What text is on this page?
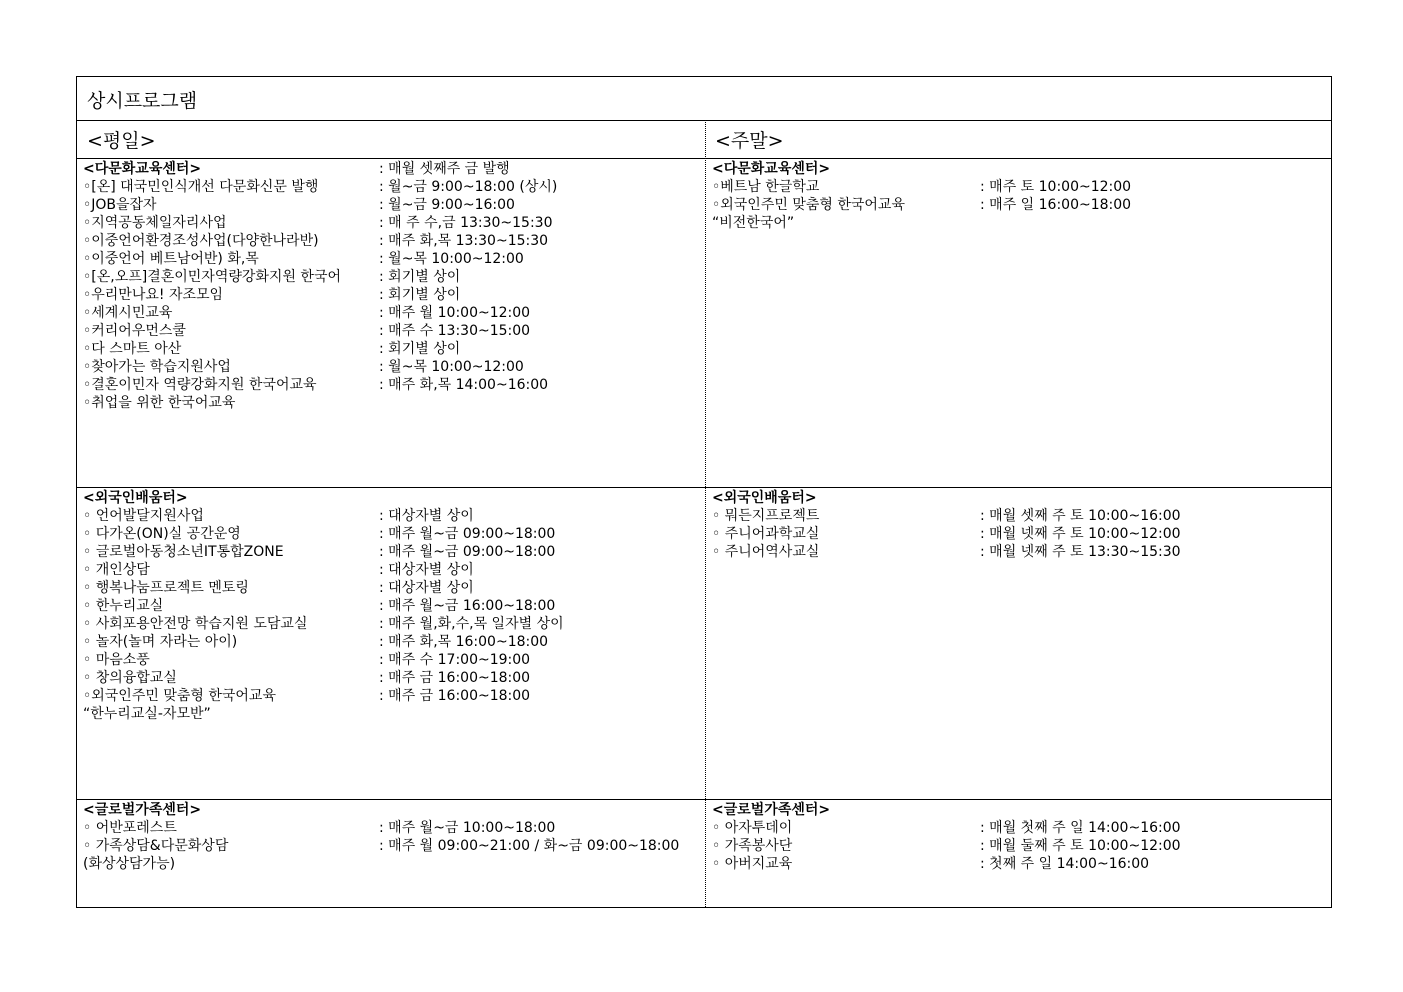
상시프로그램
<평일>	<주말>
<다문화교육센터>	: 매월 셋째주 금 발행
◦[온] 대국민인식개선 다문화신문 발행	: 월~금 9:00~18:00 (상시)
◦JOB을잡자	: 월~금 9:00~16:00
◦지역공동체일자리사업	: 매 주 수,금 13:30~15:30
◦이중언어환경조성사업(다양한나라반)	: 매주 화,목 13:30~15:30
◦이중언어 베트남어반) 화,목	: 월~목 10:00~12:00
◦[온,오프]결혼이민자역량강화지원 한국어	: 회기별 상이
◦우리만나요! 자조모임	: 회기별 상이
◦세계시민교육	: 매주 월 10:00~12:00
◦커리어우먼스쿨	: 매주 수 13:30~15:00
◦다 스마트 아산	: 회기별 상이
◦찾아가는 학습지원사업	: 월~목 10:00~12:00
◦결혼이민자 역량강화지원 한국어교육	: 매주 화,목 14:00~16:00
◦취업을 위한 한국어교육
<외국인배움터>
◦ 언어발달지원사업	: 대상자별 상이
◦ 다가온(ON)실 공간운영	: 매주 월~금 09:00~18:00
◦ 글로벌아동청소년IT통합ZONE	: 매주 월~금 09:00~18:00
◦ 개인상담	: 대상자별 상이
◦ 행복나눔프로젝트 멘토링	: 대상자별 상이
◦ 한누리교실	: 매주 월~금 16:00~18:00
◦ 사회포용안전망 학습지원 도담교실	: 매주 월,화,수,목 일자별 상이
◦ 놀자(놀며 자라는 아이)	: 매주 화,목 16:00~18:00
◦ 마음소풍	: 매주 수 17:00~19:00
◦ 창의융합교실	: 매주 금 16:00~18:00
◦외국인주민 맞춤형 한국어교육	: 매주 금 16:00~18:00
“한누리교실-자모반”
<글로벌가족센터>
◦ 어반포레스트	: 매주 월~금 10:00~18:00
◦ 가족상담&다문화상담	: 매주 월 09:00~21:00 / 화~금 09:00~18:00
(화상상담가능)
<다문화교육센터>
◦베트남 한글학교	: 매주 토 10:00~12:00
◦외국인주민 맞춤형 한국어교육	: 매주 일 16:00~18:00
“비전한국어”
<외국인배움터>
◦ 뭐든지프로젝트	: 매월 셋째 주 토 10:00~16:00
◦ 주니어과학교실	: 매월 넷째 주 토 10:00~12:00
◦ 주니어역사교실	: 매월 넷째 주 토 13:30~15:30
<글로벌가족센터>
◦ 아자투데이	: 매월 첫째 주 일 14:00~16:00
◦ 가족봉사단	: 매월 둘째 주 토 10:00~12:00
◦ 아버지교육	: 첫째 주 일 14:00~16:00
